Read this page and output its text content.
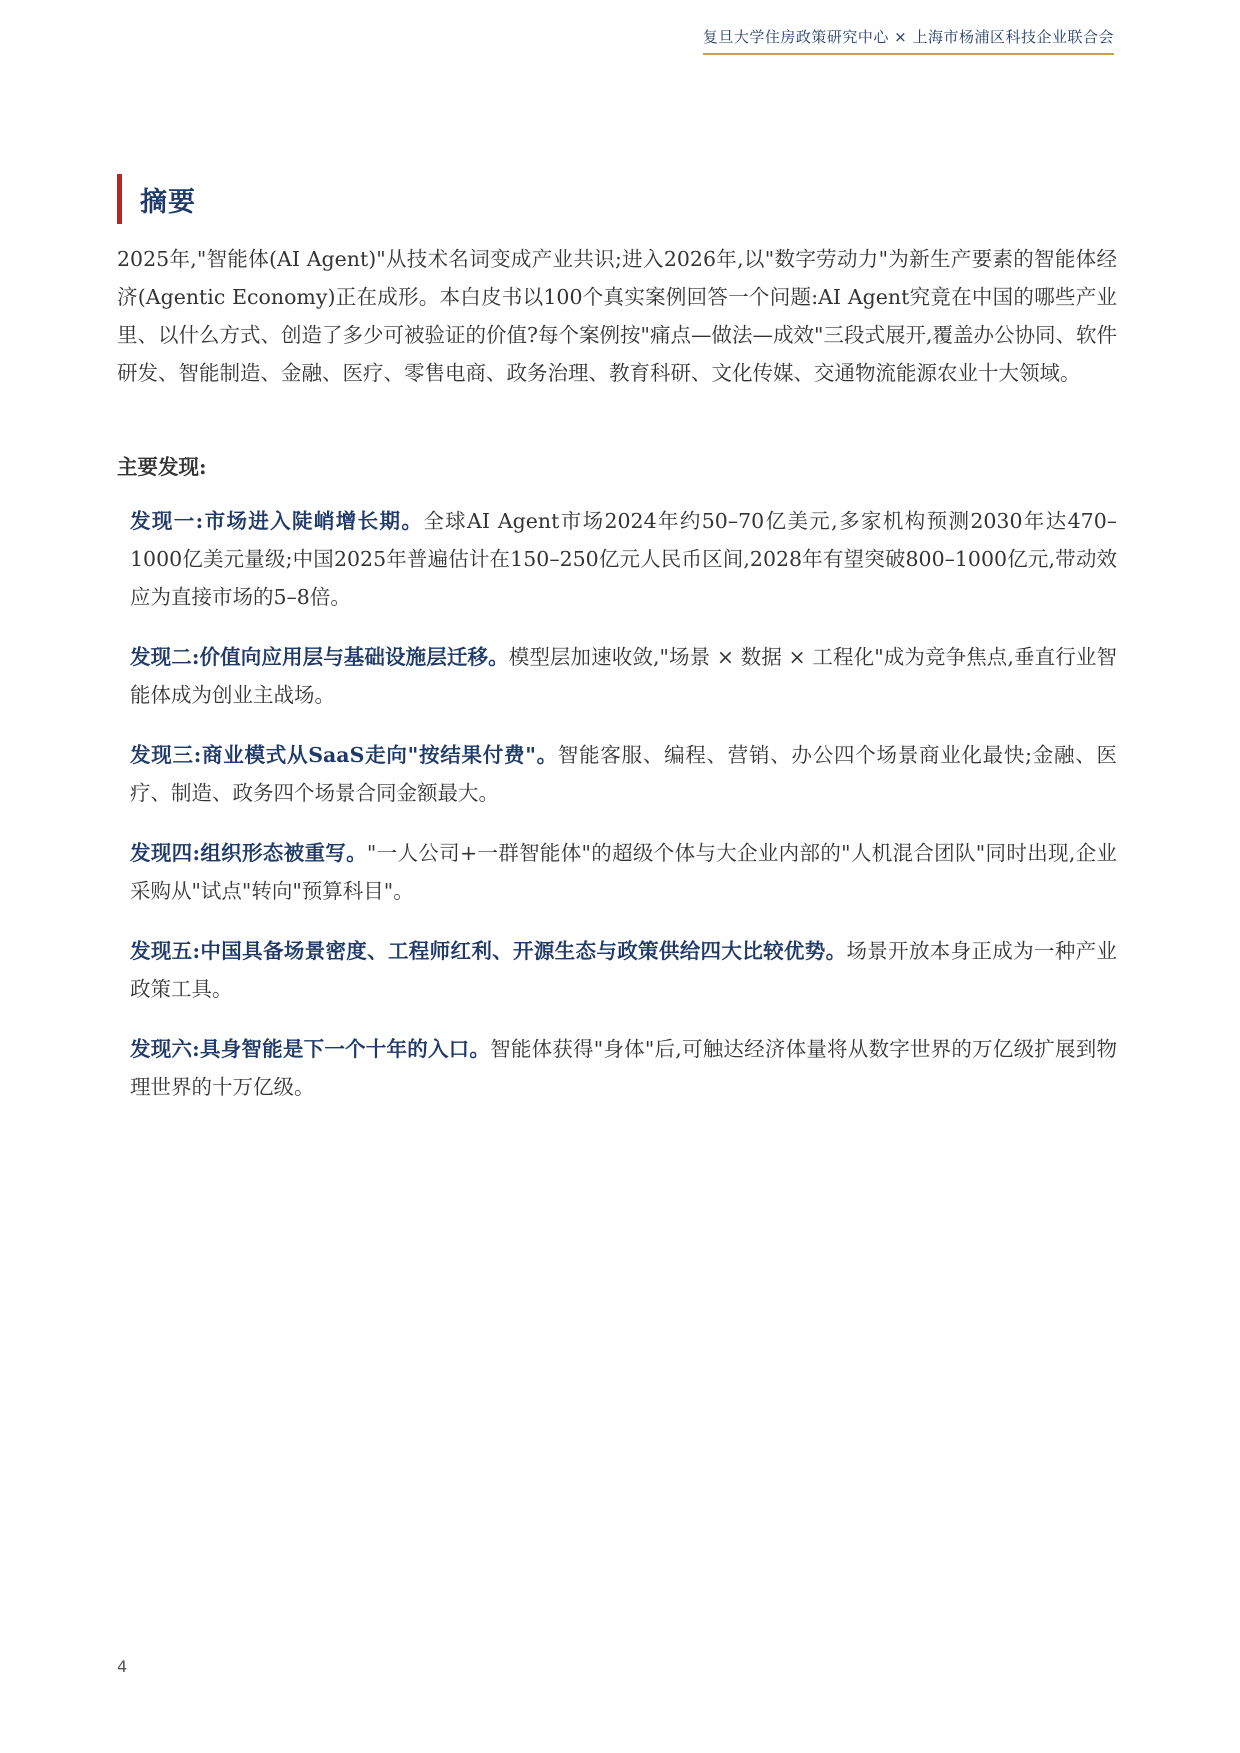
复旦大学住房政策研究中心 × 上海市杨浦区科技企业联合会
摘要

2025年,"智能体(AI Agent)"从技术名词变成产业共识;进入2026年,以"数字劳动力"为新生产要素的智能体经济(Agentic Economy)正在成形。本白皮书以100个真实案例回答一个问题:AI Agent究竟在中国的哪些产业里、以什么方式、创造了多少可被验证的价值?每个案例按"痛点—做法—成效"三段式展开,覆盖办公协同、软件研发、智能制造、金融、医疗、零售电商、政务治理、教育科研、文化传媒、交通物流能源农业十大领域。

主要发现:

发现一:市场进入陡峭增长期。全球AI Agent市场2024年约50–70亿美元,多家机构预测2030年达470–1000亿美元量级;中国2025年普遍估计在150–250亿元人民币区间,2028年有望突破800–1000亿元,带动效应为直接市场的5–8倍。
发现二:价值向应用层与基础设施层迁移。模型层加速收敛,"场景 × 数据 × 工程化"成为竞争焦点,垂直行业智能体成为创业主战场。
发现三:商业模式从SaaS走向"按结果付费"。智能客服、编程、营销、办公四个场景商业化最快;金融、医疗、制造、政务四个场景合同金额最大。
发现四:组织形态被重写。"一人公司+一群智能体"的超级个体与大企业内部的"人机混合团队"同时出现,企业采购从"试点"转向"预算科目"。
发现五:中国具备场景密度、工程师红利、开源生态与政策供给四大比较优势。场景开放本身正成为一种产业政策工具。
发现六:具身智能是下一个十年的入口。智能体获得"身体"后,可触达经济体量将从数字世界的万亿级扩展到物理世界的十万亿级。
4
